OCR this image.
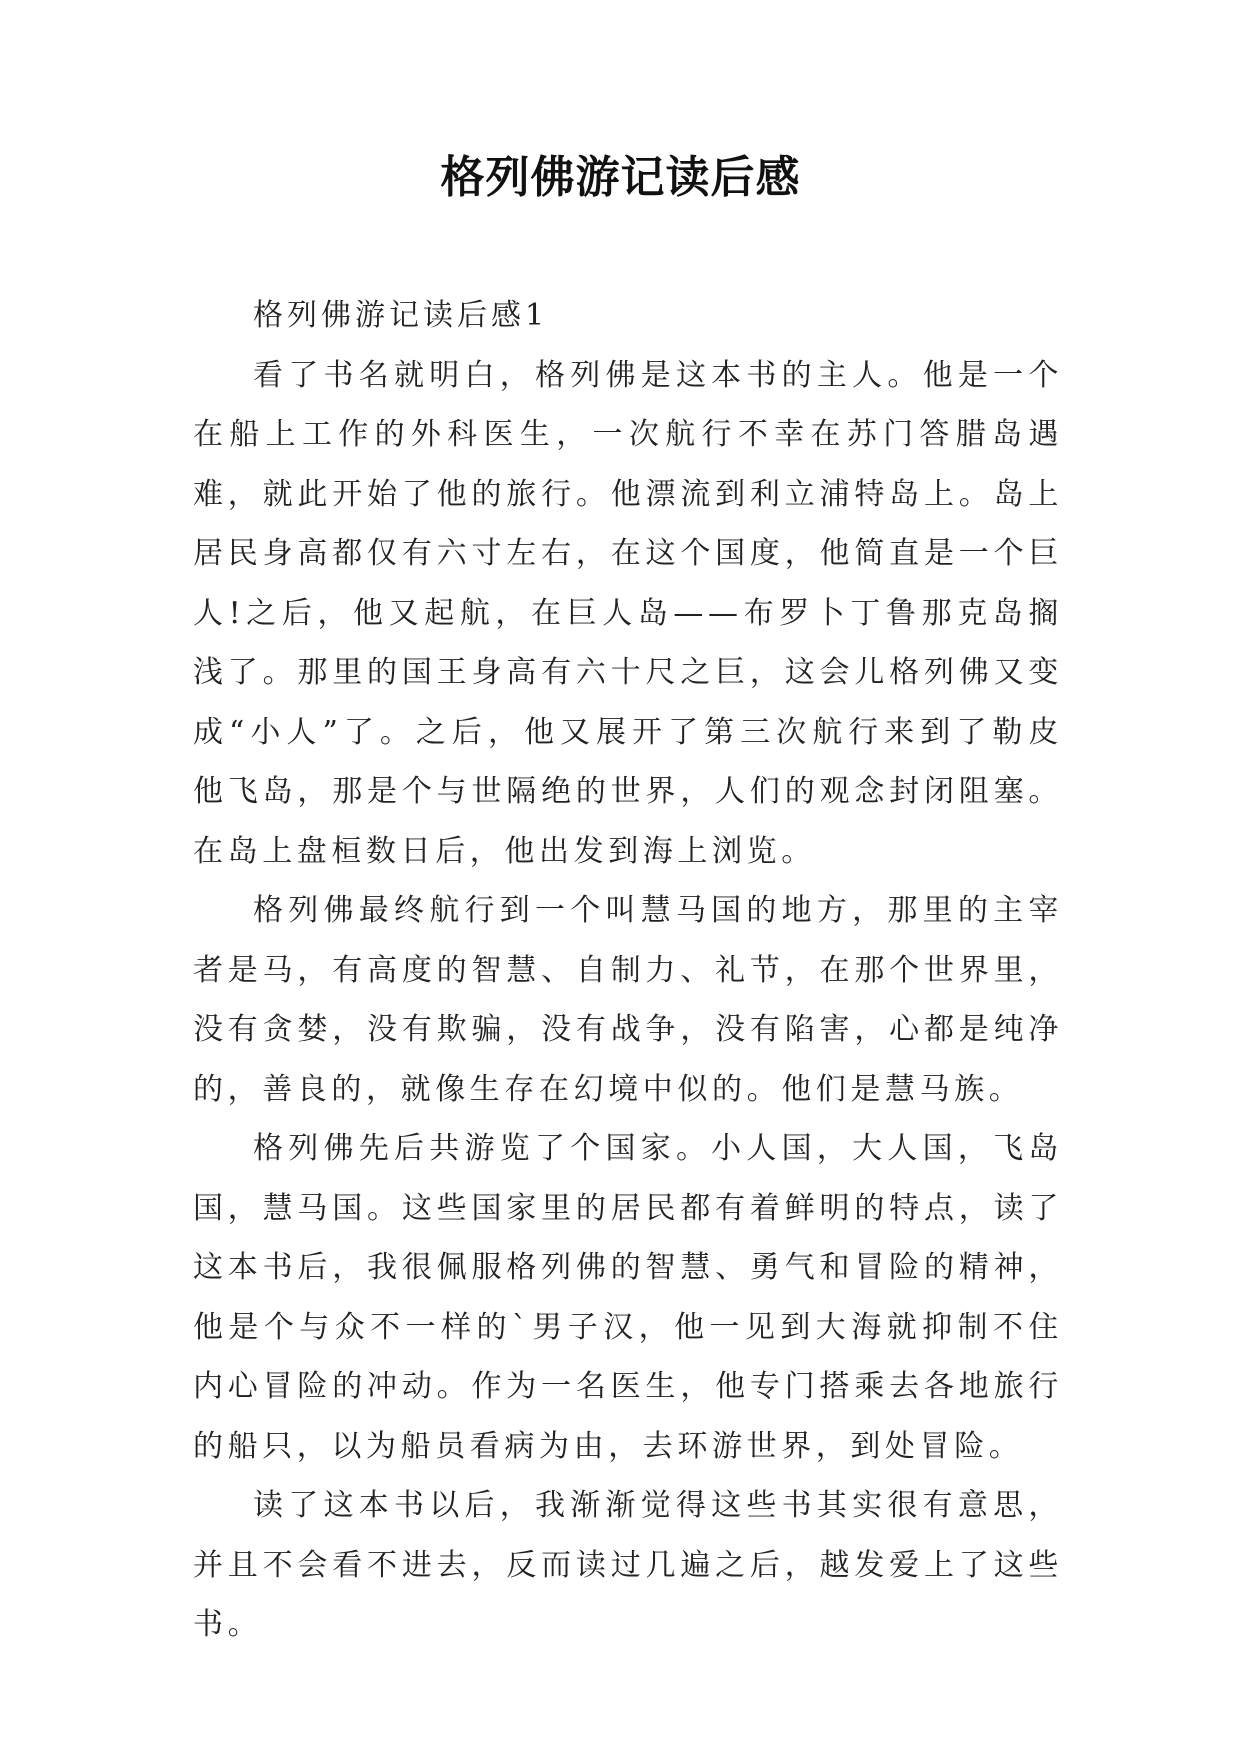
格列佛游记读后感

格列佛游记读后感1

看了书名就明白，格列佛是这本书的主人。他是一个在船上工作的外科医生，一次航行不幸在苏门答腊岛遇难，就此开始了他的旅行。他漂流到利立浦特岛上。岛上居民身高都仅有六寸左右，在这个国度，他简直是一个巨人!之后，他又起航，在巨人岛——布罗卜丁鲁那克岛搁浅了。那里的国王身高有六十尺之巨，这会儿格列佛又变成“小人”了。之后，他又展开了第三次航行来到了勒皮他飞岛，那是个与世隔绝的世界，人们的观念封闭阻塞。在岛上盘桓数日后，他出发到海上浏览。

格列佛最终航行到一个叫慧马国的地方，那里的主宰者是马，有高度的智慧、自制力、礼节，在那个世界里，没有贪婪，没有欺骗，没有战争，没有陷害，心都是纯净的，善良的，就像生存在幻境中似的。他们是慧马族。

格列佛先后共游览了个国家。小人国，大人国，飞岛国，慧马国。这些国家里的居民都有着鲜明的特点，读了这本书后，我很佩服格列佛的智慧、勇气和冒险的精神，他是个与众不一样的`男子汉，他一见到大海就抑制不住内心冒险的冲动。作为一名医生，他专门搭乘去各地旅行的船只，以为船员看病为由，去环游世界，到处冒险。

读了这本书以后，我渐渐觉得这些书其实很有意思，并且不会看不进去，反而读过几遍之后，越发爱上了这些书。
